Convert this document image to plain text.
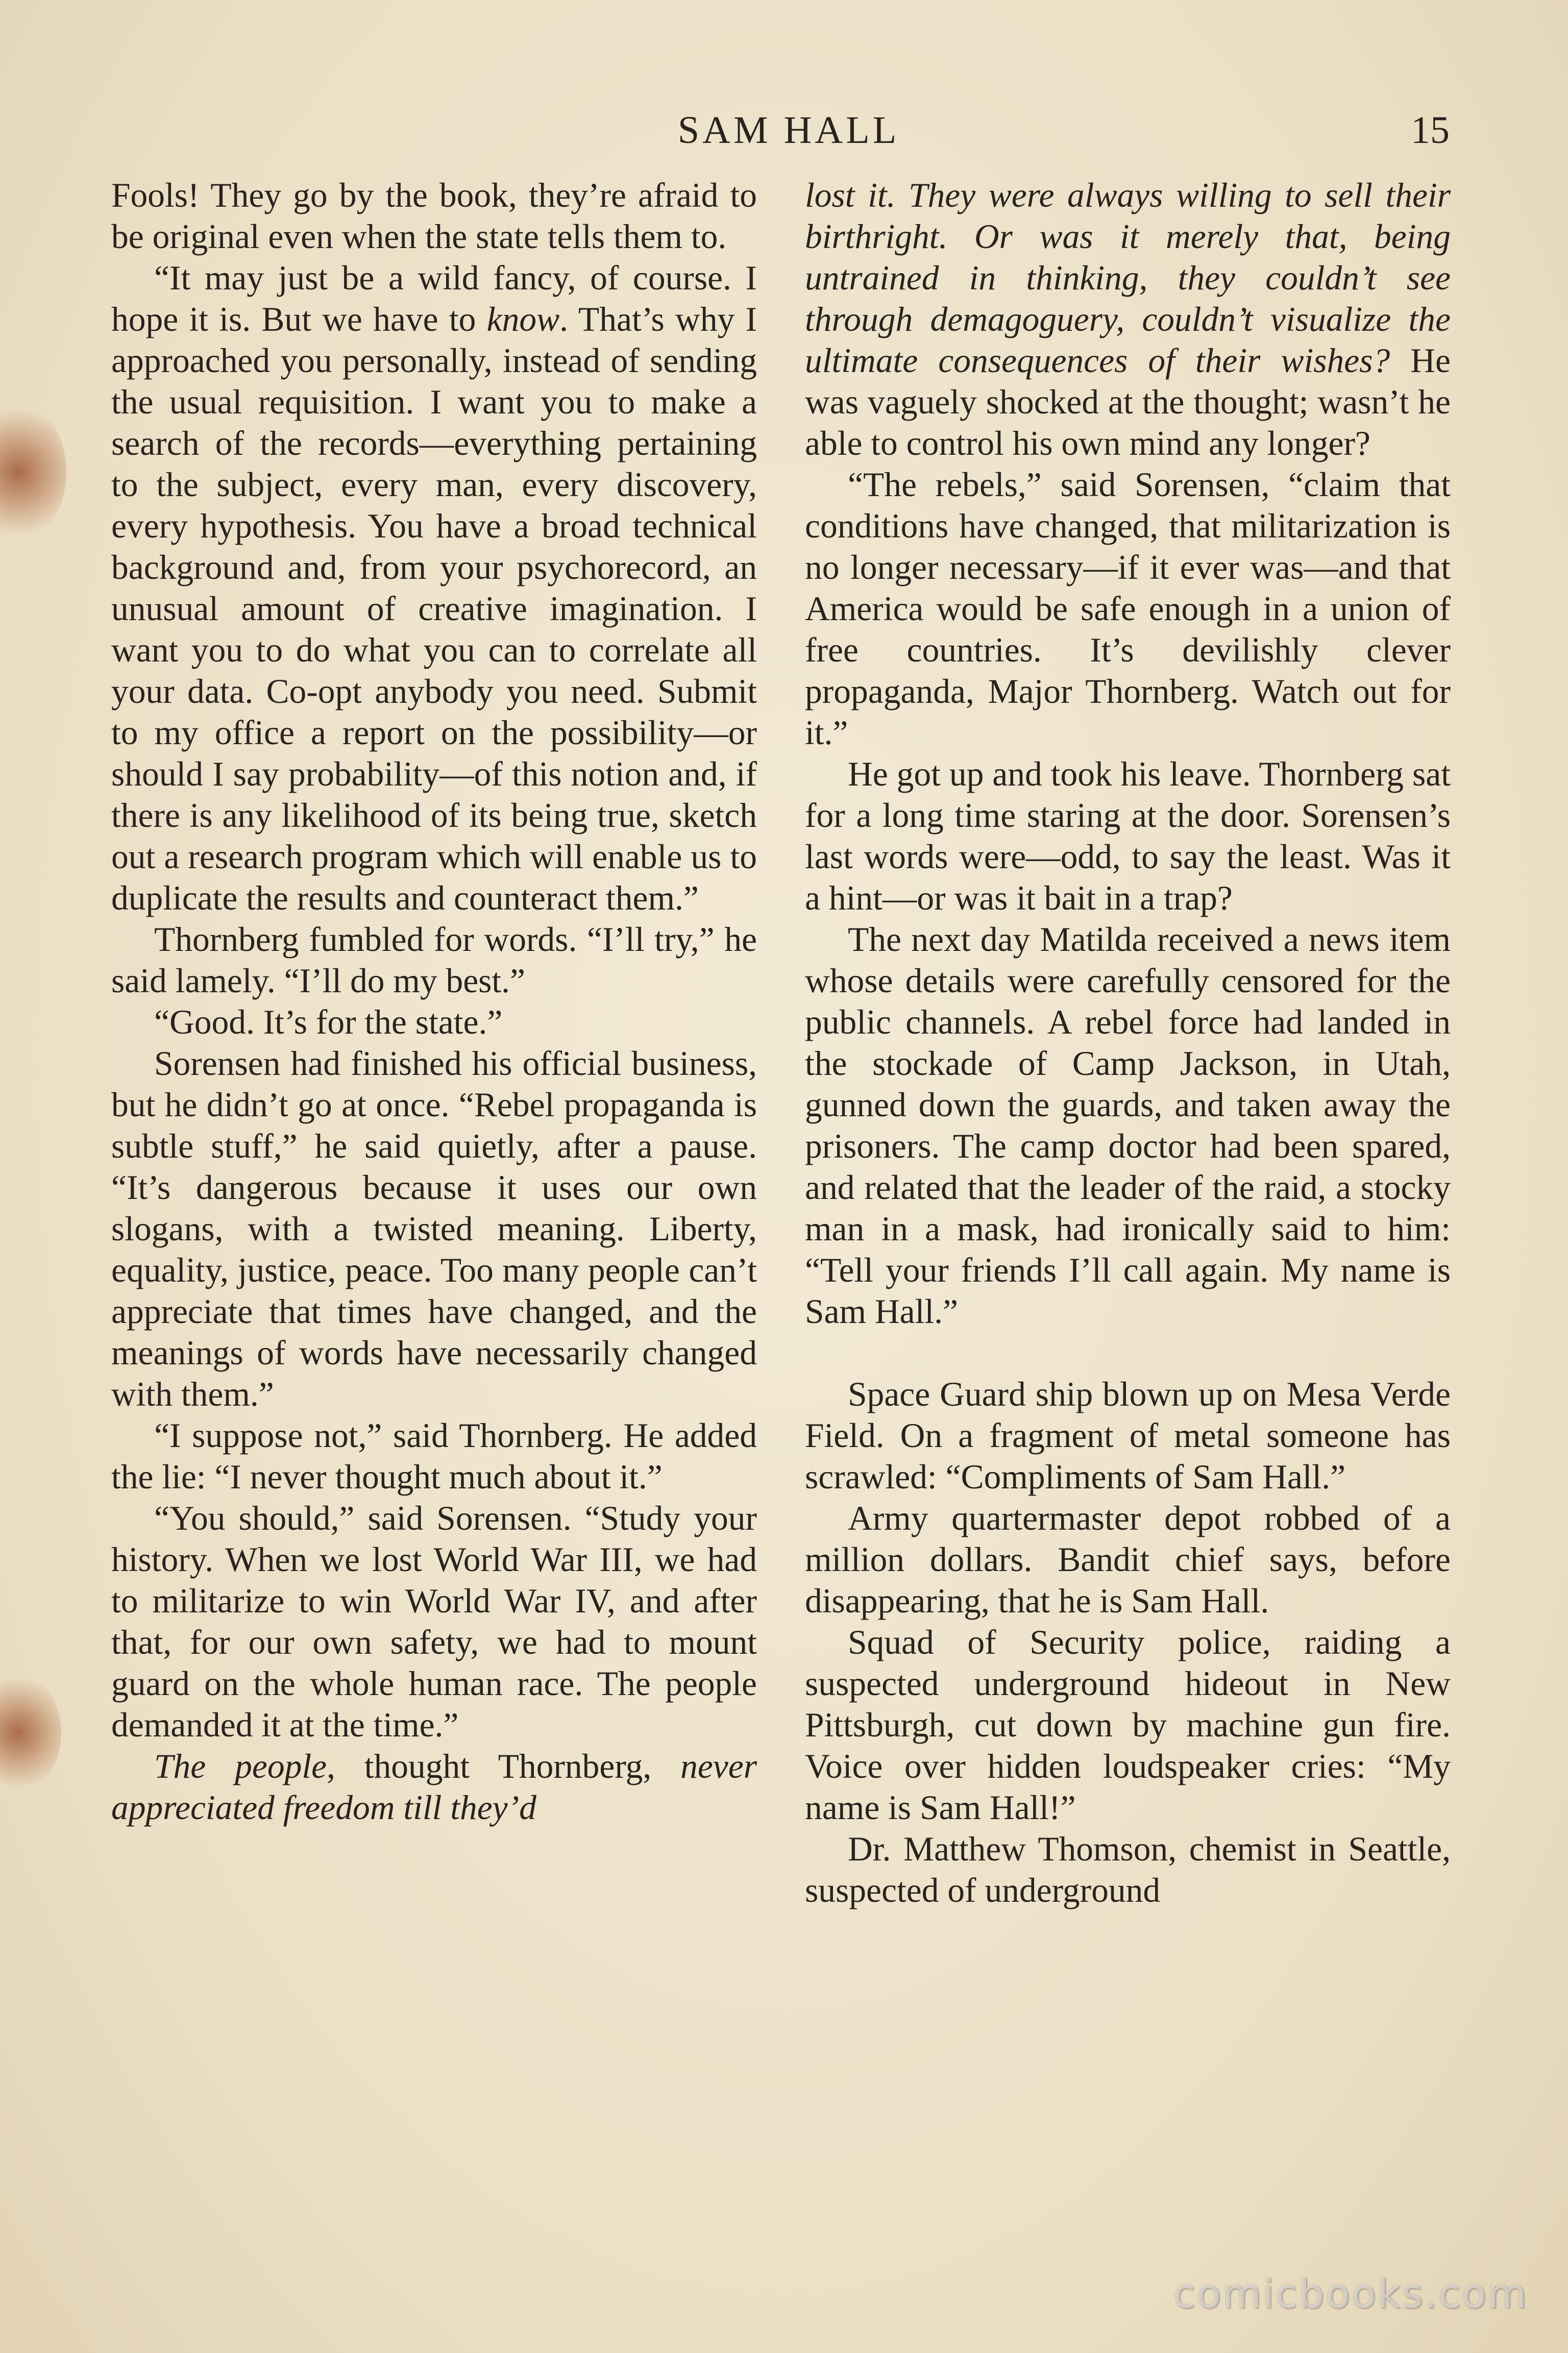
SAM HALL	15

Fools! They go by the book, they’re afraid to be original even when the state tells them to.

“It may just be a wild fancy, of course. I hope it is. But we have to know. That’s why I approached you personally, instead of sending the usual requisition. I want you to make a search of the records—everything pertaining to the subject, every man, every discovery, every hypothesis. You have a broad technical background and, from your psychorecord, an unusual amount of creative imagination. I want you to do what you can to correlate all your data. Co-opt anybody you need. Submit to my office a report on the possibility—or should I say probability—of this notion and, if there is any likelihood of its being true, sketch out a research program which will enable us to duplicate the results and counteract them.”

Thornberg fumbled for words. “I’ll try,” he said lamely. “I’ll do my best.”

“Good. It’s for the state.”

Sorensen had finished his official business, but he didn’t go at once. “Rebel propaganda is subtle stuff,” he said quietly, after a pause. “It’s dangerous because it uses our own slogans, with a twisted meaning. Liberty, equality, justice, peace. Too many people can’t appreciate that times have changed, and the meanings of words have necessarily changed with them.”

“I suppose not,” said Thornberg. He added the lie: “I never thought much about it.”

“You should,” said Sorensen. “Study your history. When we lost World War III, we had to militarize to win World War IV, and after that, for our own safety, we had to mount guard on the whole human race. The people demanded it at the time.”

The people, thought Thornberg, never appreciated freedom till they’d

lost it. They were always willing to sell their birthright. Or was it merely that, being untrained in thinking, they couldn’t see through demagoguery, couldn’t visualize the ultimate consequences of their wishes? He was vaguely shocked at the thought; wasn’t he able to control his own mind any longer?

“The rebels,” said Sorensen, “claim that conditions have changed, that militarization is no longer necessary—if it ever was—and that America would be safe enough in a union of free countries. It’s devilishly clever propaganda, Major Thornberg. Watch out for it.”

He got up and took his leave. Thornberg sat for a long time staring at the door. Sorensen’s last words were—odd, to say the least. Was it a hint—or was it bait in a trap?

The next day Matilda received a news item whose details were carefully censored for the public channels. A rebel force had landed in the stockade of Camp Jackson, in Utah, gunned down the guards, and taken away the prisoners. The camp doctor had been spared, and related that the leader of the raid, a stocky man in a mask, had ironically said to him: “Tell your friends I’ll call again. My name is Sam Hall.”

Space Guard ship blown up on Mesa Verde Field. On a fragment of metal someone has scrawled: “Compliments of Sam Hall.”

Army quartermaster depot robbed of a million dollars. Bandit chief says, before disappearing, that he is Sam Hall.

Squad of Security police, raiding a suspected underground hideout in New Pittsburgh, cut down by machine gun fire. Voice over hidden loudspeaker cries: “My name is Sam Hall!”

Dr. Matthew Thomson, chemist in Seattle, suspected of underground

comicbooks.com
